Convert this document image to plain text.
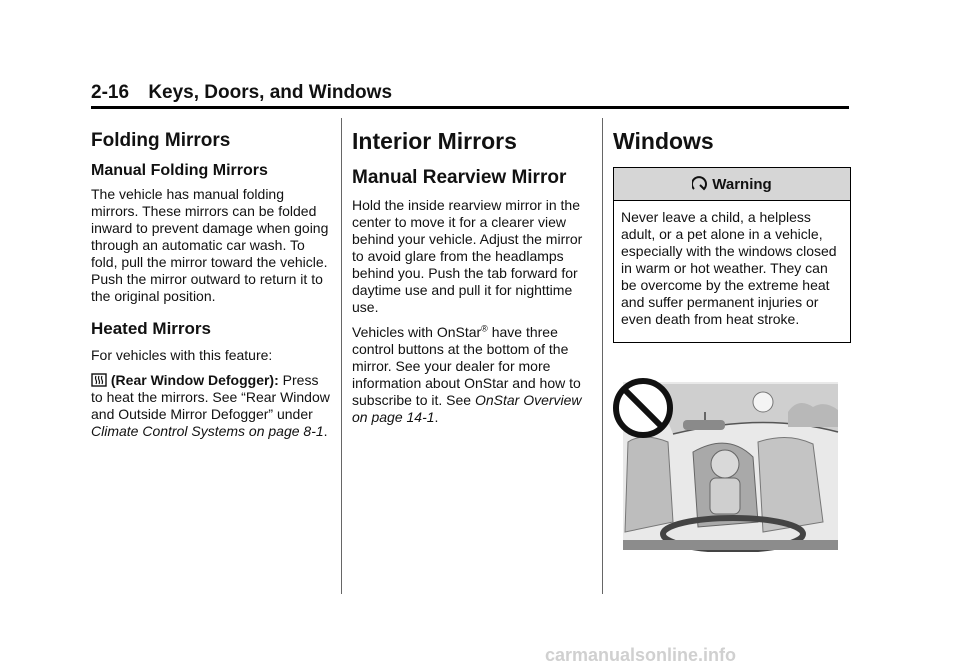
2-16 Keys, Doors, and Windows
Folding Mirrors
Manual Folding Mirrors

The vehicle has manual folding mirrors. These mirrors can be folded inward to prevent damage when going through an automatic car wash. To fold, pull the mirror toward the vehicle. Push the mirror outward to return it to the original position.

Heated Mirrors

For vehicles with this feature:

(Rear Window Defogger): Press to heat the mirrors. See “Rear Window and Outside Mirror Defogger” under Climate Control Systems on page 8-1.

Interior Mirrors
Manual Rearview Mirror

Hold the inside rearview mirror in the center to move it for a clearer view behind your vehicle. Adjust the mirror to avoid glare from the headlamps behind you. Push the tab forward for daytime use and pull it for nighttime use.

Vehicles with OnStar® have three control buttons at the bottom of the mirror. See your dealer for more information about OnStar and how to subscribe to it. See OnStar Overview on page 14-1.

Windows
Warning

Never leave a child, a helpless adult, or a pet alone in a vehicle, especially with the windows closed in warm or hot weather. They can be overcome by the extreme heat and suffer permanent injuries or even death from heat stroke.

carmanualsonline.info
